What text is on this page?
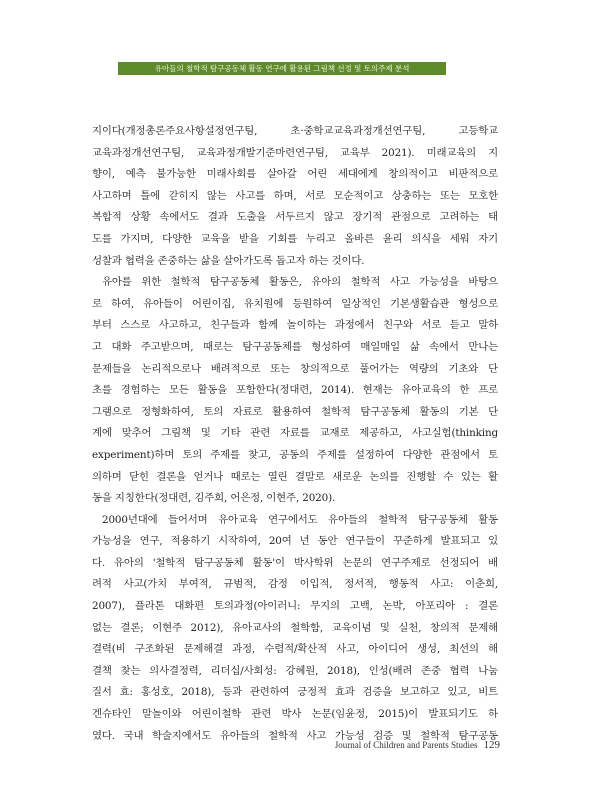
유아들의 철학적 탐구공동체 활동 연구에 활용된 그림책 선정 및 토의주제 분석
지이다(개정총론주요사항설정연구팀, 초·중학교교육과정개선연구팀, 고등학교
교육과정개선연구팀, 교육과정개발기준마련연구팀, 교육부 2021). 미래교육의 지
향이, 예측 불가능한 미래사회를 살아갈 어린 세대에게 창의적이고 비판적으로
사고하며 틀에 갇히지 않는 사고를 하며, 서로 모순적이고 상충하는 또는 모호한
복합적 상황 속에서도 결과 도출을 서두르지 않고 장기적 관점으로 고려하는 태
도를 가지며, 다양한 교육을 받을 기회를 누리고 올바른 윤리 의식을 세워 자기
성찰과 협력을 존중하는 삶을 살아가도록 돕고자 하는 것이다.
유아를 위한 철학적 탐구공동체 활동은, 유아의 철학적 사고 가능성을 바탕으
로 하여, 유아들이 어린이집, 유치원에 등원하여 일상적인 기본생활습관 형성으로
부터 스스로 사고하고, 친구들과 함께 놀이하는 과정에서 친구와 서로 듣고 말하
고 대화 주고받으며, 때로는 탐구공동체를 형성하여 매일매일 삶 속에서 만나는
문제들을 논리적으로나 배려적으로 또는 창의적으로 풀어가는 역량의 기초와 단
초를 경험하는 모든 활동을 포함한다(정대련, 2014). 현재는 유아교육의 한 프로
그램으로 정형화하여, 토의 자료로 활용하여 철학적 탐구공동체 활동의 기본 단
계에 맞추어 그림책 및 기타 관련 자료를 교재로 제공하고, 사고실험(thinking
experiment)하며 토의 주제를 찾고, 공동의 주제를 설정하여 다양한 관점에서 토
의하며 닫힌 결론을 얻거나 때로는 열린 결말로 새로운 논의를 진행할 수 있는 활
동을 지칭한다(정대련, 김주희, 어은정, 이현주, 2020).
2000년대에 들어서며 유아교육 연구에서도 유아들의 철학적 탐구공동체 활동
가능성을 연구, 적용하기 시작하여, 20여 년 동안 연구들이 꾸준하게 발표되고 있
다. 유아의 '철학적 탐구공동체 활동'이 박사학위 논문의 연구주제로 선정되어 배
려적 사고(가치 부여적, 규범적, 감정 이입적, 정서적, 행동적 사고: 이춘희,
2007), 플라톤 대화편 토의과정(아이러니: 무지의 고백, 논박, 아포리아 : 결론
없는 결론; 이현주 2012), 유아교사의 철학함, 교육이념 및 실천, 창의적 문제해
결력(비 구조화된 문제해결 과정, 수렴적/확산적 사고, 아이디어 생성, 최선의 해
결책 찾는 의사결정력, 리더십/사회성: 강혜원, 2018), 인성(배려 존중 협력 나눔
질서 효: 홍성호, 2018), 등과 관련하여 긍정적 효과 검증을 보고하고 있고, 비트
겐슈타인 말놀이와 어린이철학 관련 박사 논문(임윤정, 2015)이 발표되기도 하
였다. 국내 학술지에서도 유아들의 철학적 사고 가능성 검증 및 철학적 탐구공동
Journal of Children and Parents Studies 129
